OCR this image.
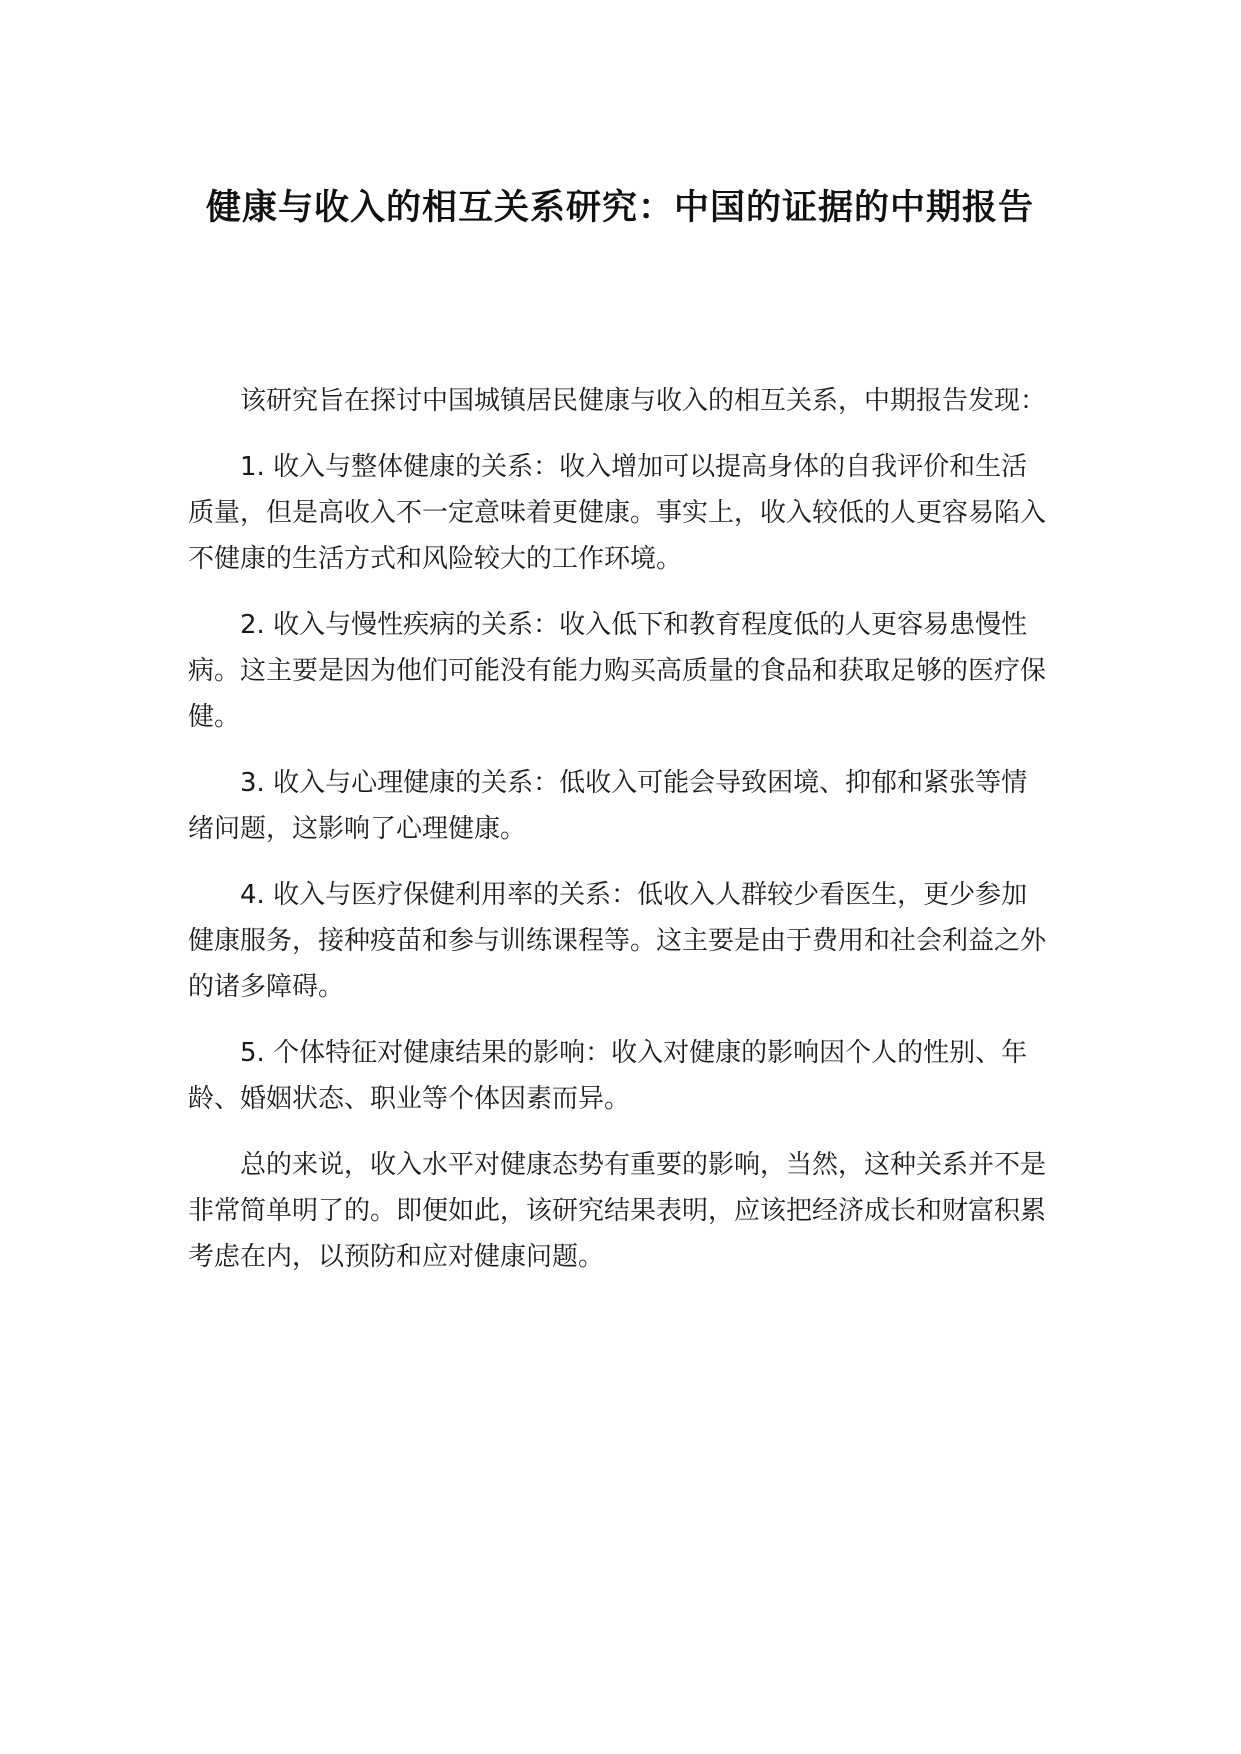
健康与收入的相互关系研究：中国的证据的中期报告

该研究旨在探讨中国城镇居民健康与收入的相互关系，中期报告发现：

1. 收入与整体健康的关系：收入增加可以提高身体的自我评价和生活质量，但是高收入不一定意味着更健康。事实上，收入较低的人更容易陷入不健康的生活方式和风险较大的工作环境。

2. 收入与慢性疾病的关系：收入低下和教育程度低的人更容易患慢性病。这主要是因为他们可能没有能力购买高质量的食品和获取足够的医疗保健。

3. 收入与心理健康的关系：低收入可能会导致困境、抑郁和紧张等情绪问题，这影响了心理健康。

4. 收入与医疗保健利用率的关系：低收入人群较少看医生，更少参加健康服务，接种疫苗和参与训练课程等。这主要是由于费用和社会利益之外的诸多障碍。

5. 个体特征对健康结果的影响：收入对健康的影响因个人的性别、年龄、婚姻状态、职业等个体因素而异。

总的来说，收入水平对健康态势有重要的影响，当然，这种关系并不是非常简单明了的。即便如此，该研究结果表明，应该把经济成长和财富积累考虑在内，以预防和应对健康问题。
